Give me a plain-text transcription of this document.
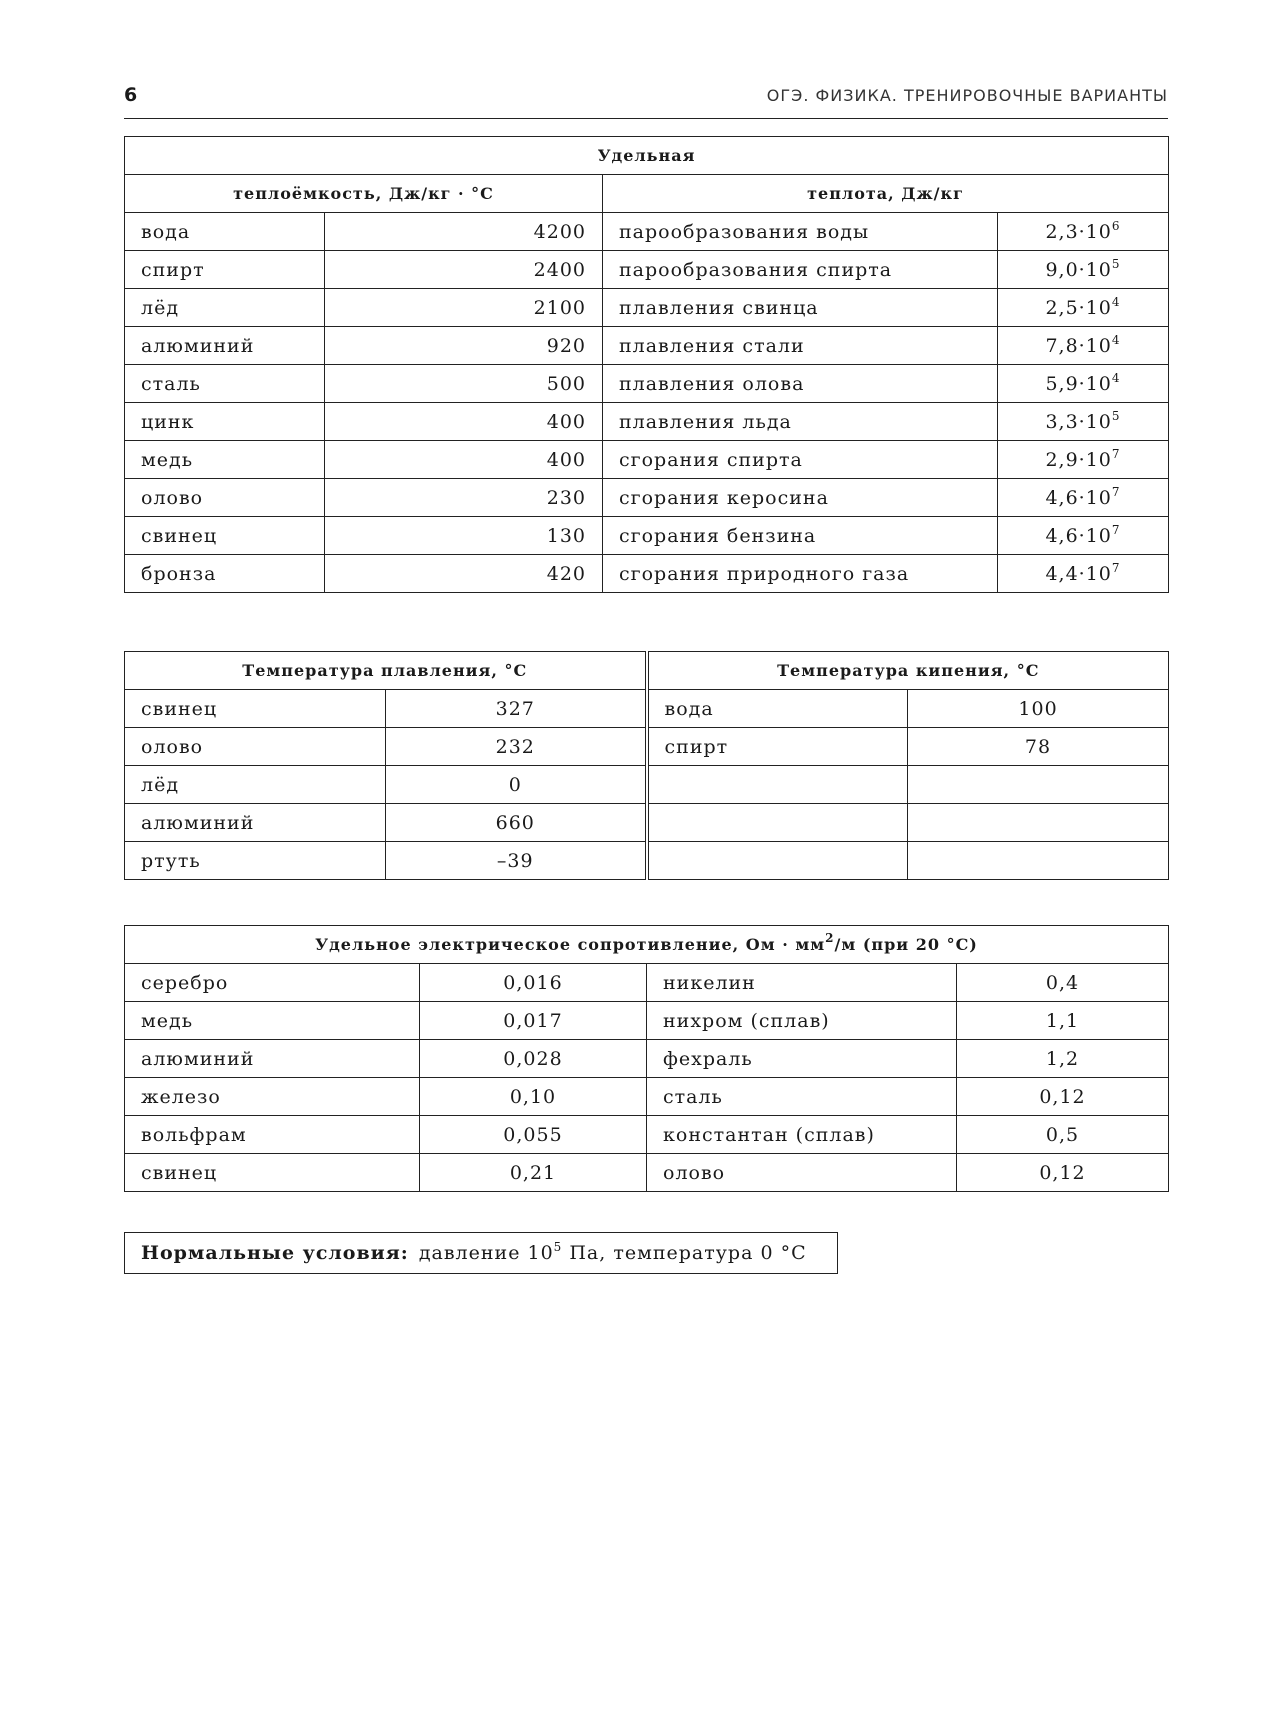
6	ОГЭ. ФИЗИКА. ТРЕНИРОВОЧНЫЕ ВАРИАНТЫ
Удельная			
теплоёмкость, Дж/кг · °С		теплота, Дж/кг	
вода	4200	парообразования воды	$2,3\cdot 10^6$
спирт	2400	парообразования спирта	$9,0\cdot 10^5$
лёд	2100	плавления свинца	$2,5\cdot 10^4$
алюминий	920	плавления стали	$7,8\cdot 10^4$
сталь	500	плавления олова	$5,9\cdot 10^4$
цинк	400	плавления льда	$3,3\cdot 10^5$
медь	400	сгорания спирта	$2,9\cdot 10^7$
олово	230	сгорания керосина	$4,6\cdot 10^7$
свинец	130	сгорания бензина	$4,6\cdot 10^7$
бронза	420	сгорания природного газа	$4,4\cdot 10^7$
Температура плавления, °С		Температура кипения, °С	
свинец	327	вода	100
олово	232	спирт	78
лёд	0		
алюминий	660		
ртуть	–39		
Удельное электрическое сопротивление, Ом · $мм^2/м$ (при 20 °С)			
серебро	0,016	никелин	0,4
медь	0,017	нихром (сплав)	1,1
алюминий	0,028	фехраль	1,2
железо	0,10	сталь	0,12
вольфрам	0,055	константан (сплав)	0,5
свинец	0,21	олово	0,12
Нормальные условия: давление $10^5$ Па, температура 0 °С
